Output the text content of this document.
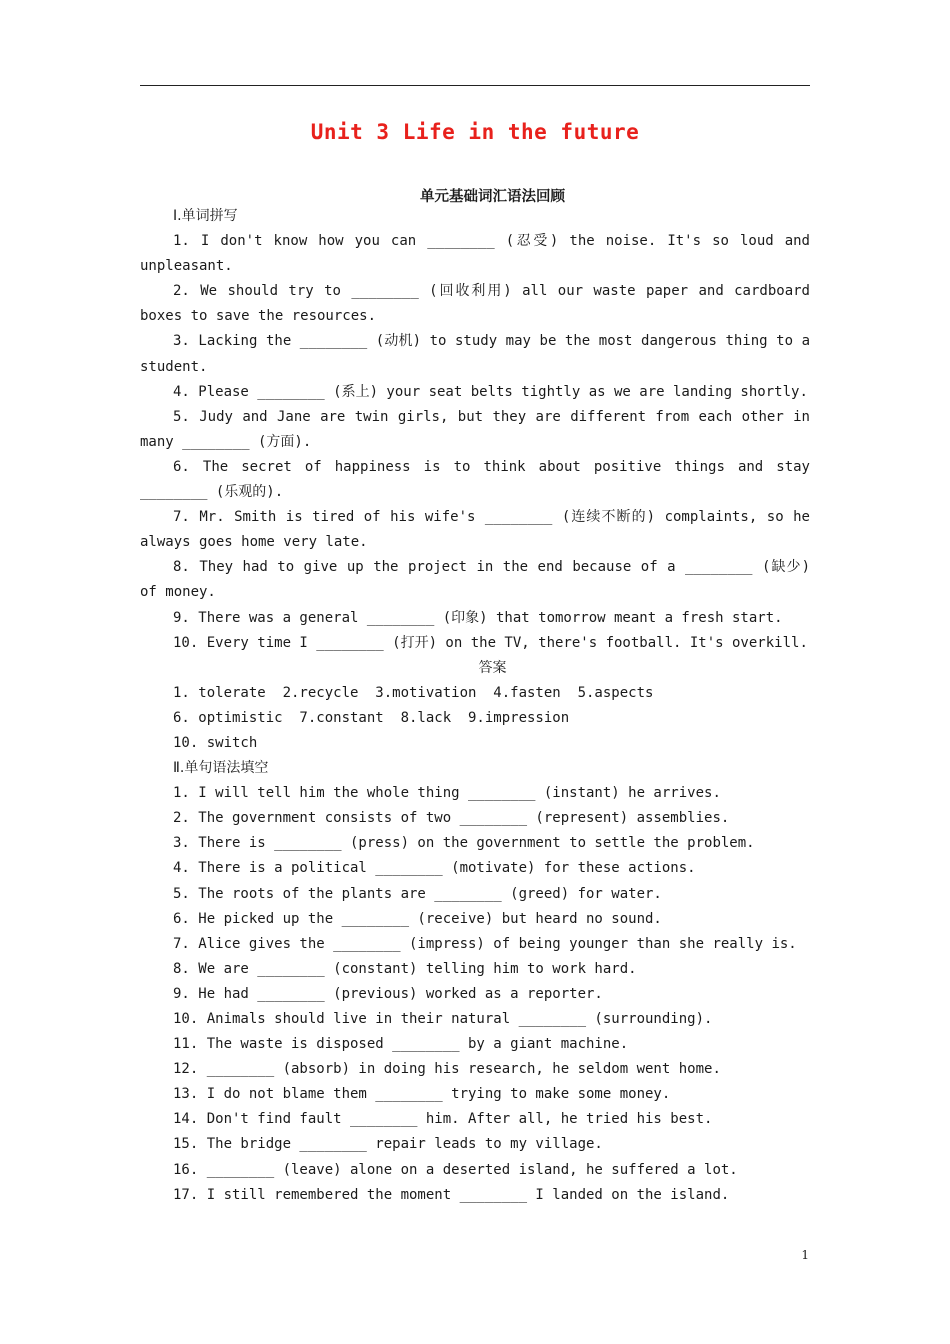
Unit 3 Life in the future
单元基础词汇语法回顾
Ⅰ.单词拼写
1. I don't know how you can ________ (忍受) the noise. It's so loud and
unpleasant.
2. We should try to ________ (回收利用) all our waste paper and cardboard
boxes to save the resources.
3. Lacking the ________ (动机) to study may be the most dangerous thing to a
student.
4. Please ________ (系上) your seat belts tightly as we are landing shortly.
5. Judy and Jane are twin girls, but they are different from each other in
many ________ (方面).
6. The secret of happiness is to think about positive things and stay
________ (乐观的).
7. Mr. Smith is tired of his wife's ________ (连续不断的) complaints, so he
always goes home very late.
8. They had to give up the project in the end because of a ________ (缺少)
of money.
9. There was a general ________ (印象) that tomorrow meant a fresh start.
10. Every time I ________ (打开) on the TV, there's football. It's overkill.
答案
1. tolerate  2.recycle  3.motivation  4.fasten  5.aspects
6. optimistic  7.constant  8.lack  9.impression
10. switch
Ⅱ.单句语法填空
1. I will tell him the whole thing ________ (instant) he arrives.
2. The government consists of two ________ (represent) assemblies.
3. There is ________ (press) on the government to settle the problem.
4. There is a political ________ (motivate) for these actions.
5. The roots of the plants are ________ (greed) for water.
6. He picked up the ________ (receive) but heard no sound.
7. Alice gives the ________ (impress) of being younger than she really is.
8. We are ________ (constant) telling him to work hard.
9. He had ________ (previous) worked as a reporter.
10. Animals should live in their natural ________ (surrounding).
11. The waste is disposed ________ by a giant machine.
12. ________ (absorb) in doing his research, he seldom went home.
13. I do not blame them ________ trying to make some money.
14. Don't find fault ________ him. After all, he tried his best.
15. The bridge ________ repair leads to my village.
16. ________ (leave) alone on a deserted island, he suffered a lot.
17. I still remembered the moment ________ I landed on the island.
1
